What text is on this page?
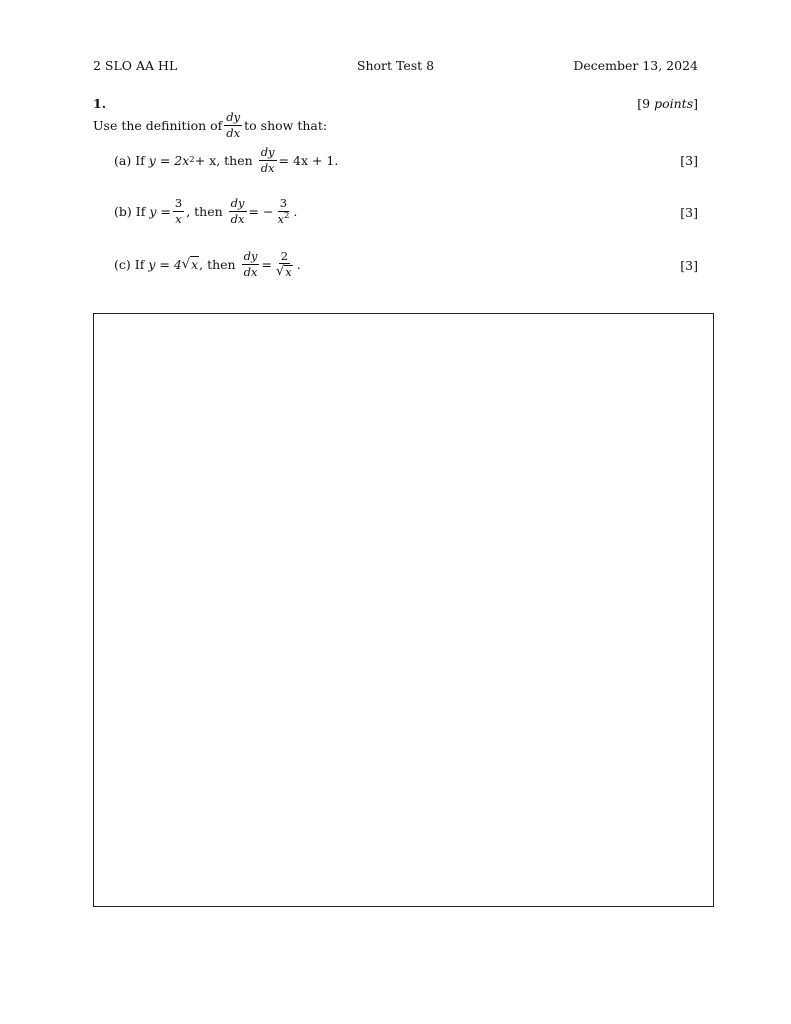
2 SLO AA HL	Short Test 8	December 13, 2024
1.	[9 points]
Use the definition of $\frac{dy}{dx}$ to show that:
(a) If y = 2x 2 + x, then $\frac{dy}{dx} = 4x + 1$.	[3]
(b) If $y = \frac{3}{x}$ , then $\frac{dy}{dx}$ = − $\frac{3}{x^2}$ .	[3]
(c) If y = 4 √ x , then $\frac{dy}{dx} = \frac{2}{√ x}$ .	[3]
